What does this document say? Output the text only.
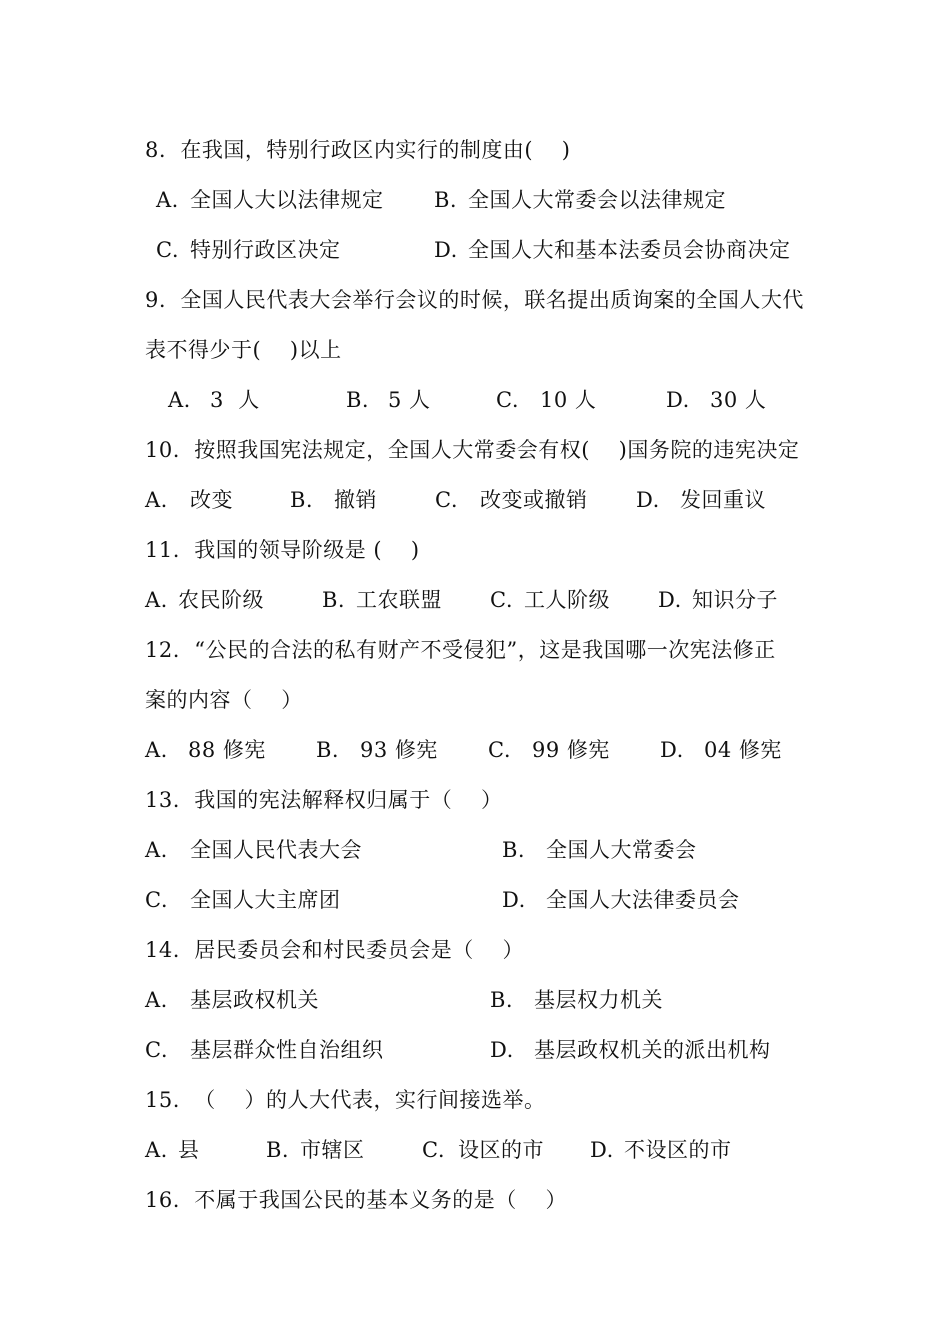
8.  在我国，特别行政区内实行的制度由(    )
A. 全国人大以法律规定 B. 全国人大常委会以法律规定
C. 特别行政区决定	D. 全国人大和基本法委员会协商决定
9.  全国人民代表大会举行会议的时候，联名提出质询案的全国人大代
表不得少于(    )以上
A. 3  人	B. 5 人	C. 10 人	D. 30 人
10.  按照我国宪法规定，全国人大常委会有权(    )国务院的违宪决定
A. 改变	B. 撤销	C. 改变或撤销 D. 发回重议
11.  我国的领导阶级是 (    )
A. 农民阶级	B. 工农联盟 C. 工人阶级 D. 知识分子
12.  “公民的合法的私有财产不受侵犯”，这是我国哪一次宪法修正
案的内容（    ）
A. 88 修宪 B. 93 修宪 C. 99 修宪 D. 04 修宪
13.  我国的宪法解释权归属于（    ）
A. 全国人民代表大会	B. 全国人大常委会
C. 全国人大主席团	D. 全国人大法律委员会
14.  居民委员会和村民委员会是（    ）
A. 基层政权机关	B. 基层权力机关
C. 基层群众性自治组织	D. 基层政权机关的派出机构
15.  （    ）的人大代表，实行间接选举。
A. 县	B. 市辖区	C. 设区的市 D. 不设区的市
16.  不属于我国公民的基本义务的是（    ）
